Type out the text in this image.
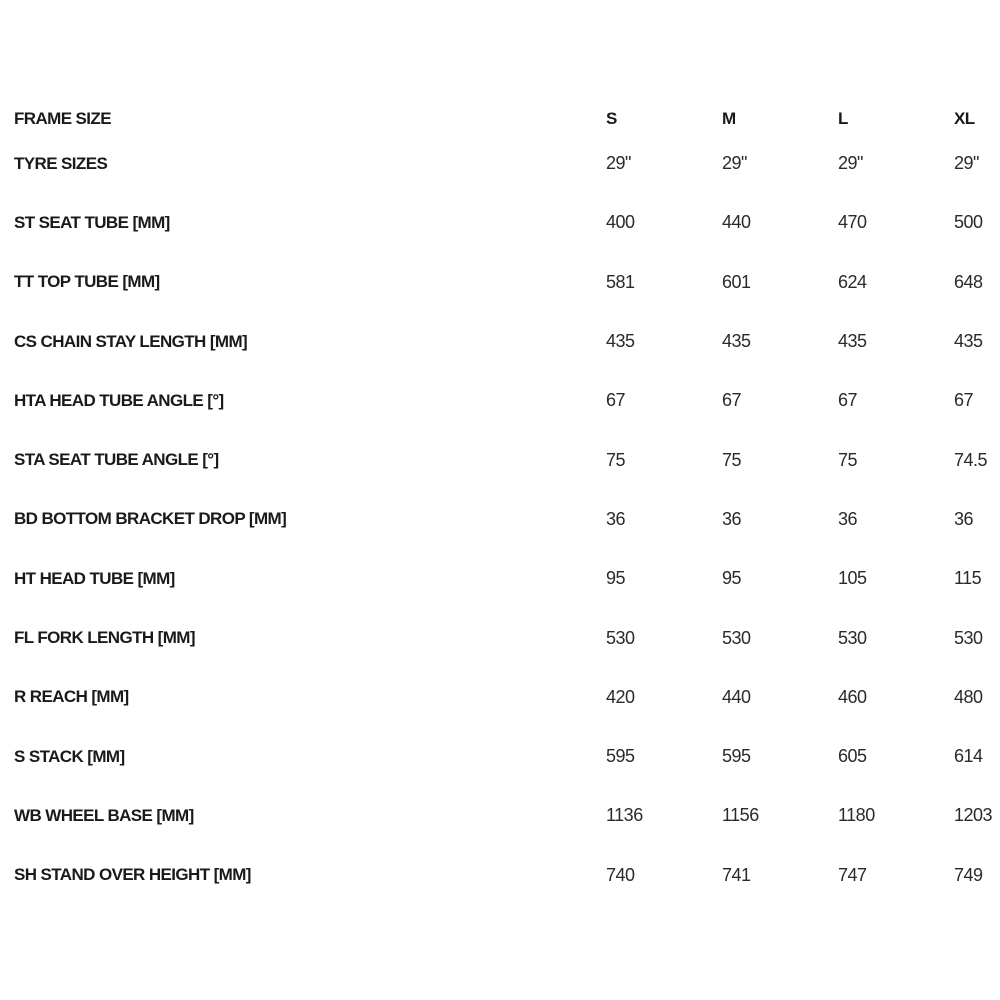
FRAME SIZE	S	M	L	XL
TYRE SIZES	29"	29"	29"	29"
ST SEAT TUBE [MM]	400	440	470	500
TT TOP TUBE [MM]	581	601	624	648
CS CHAIN STAY LENGTH [MM]	435	435	435	435
HTA HEAD TUBE ANGLE [°]	67	67	67	67
STA SEAT TUBE ANGLE [°]	75	75	75	74.5
BD BOTTOM BRACKET DROP [MM]	36	36	36	36
HT HEAD TUBE [MM]	95	95	105	115
FL FORK LENGTH [MM]	530	530	530	530
R REACH [MM]	420	440	460	480
S STACK [MM]	595	595	605	614
WB WHEEL BASE [MM]	1136	1156	1180	1203
SH STAND OVER HEIGHT [MM]	740	741	747	749
